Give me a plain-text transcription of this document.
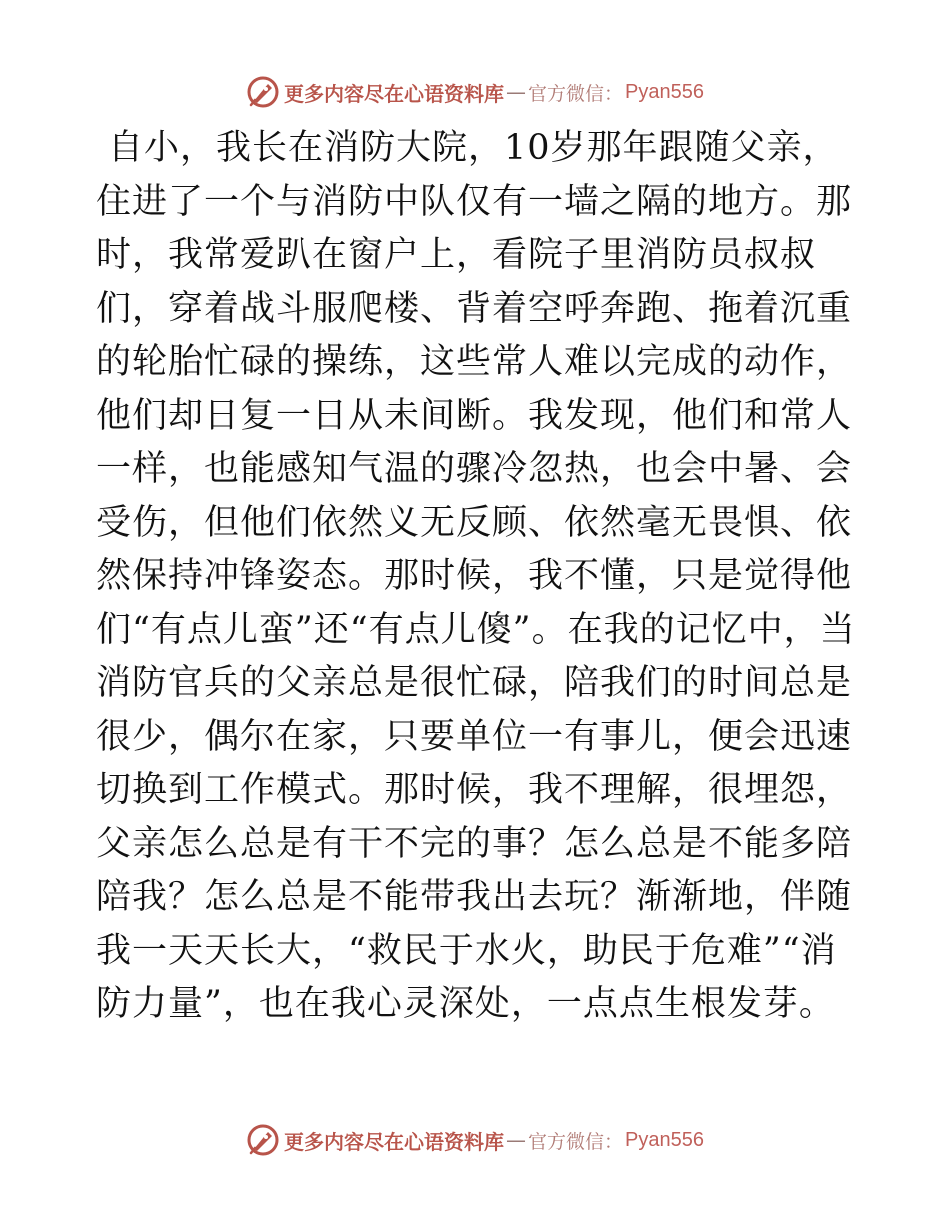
更多内容尽在心语资料库 — 官方微信： Pyan556

自小，我长在消防大院，10岁那年跟随父亲，住进了一个与消防中队仅有一墙之隔的地方。那时，我常爱趴在窗户上，看院子里消防员叔叔们，穿着战斗服爬楼、背着空呼奔跑、拖着沉重的轮胎忙碌的操练，这些常人难以完成的动作，他们却日复一日从未间断。我发现，他们和常人一样，也能感知气温的骤冷忽热，也会中暑、会受伤，但他们依然义无反顾、依然毫无畏惧、依然保持冲锋姿态。那时候，我不懂，只是觉得他们“有点儿蛮”还“有点儿傻”。在我的记忆中，当消防官兵的父亲总是很忙碌，陪我们的时间总是很少，偶尔在家，只要单位一有事儿，便会迅速切换到工作模式。那时候，我不理解，很埋怨，父亲怎么总是有干不完的事？怎么总是不能多陪陪我？怎么总是不能带我出去玩？渐渐地，伴随我一天天长大，“救民于水火，助民于危难”“消防力量”，也在我心灵深处，一点点生根发芽。

更多内容尽在心语资料库 — 官方微信： Pyan556
